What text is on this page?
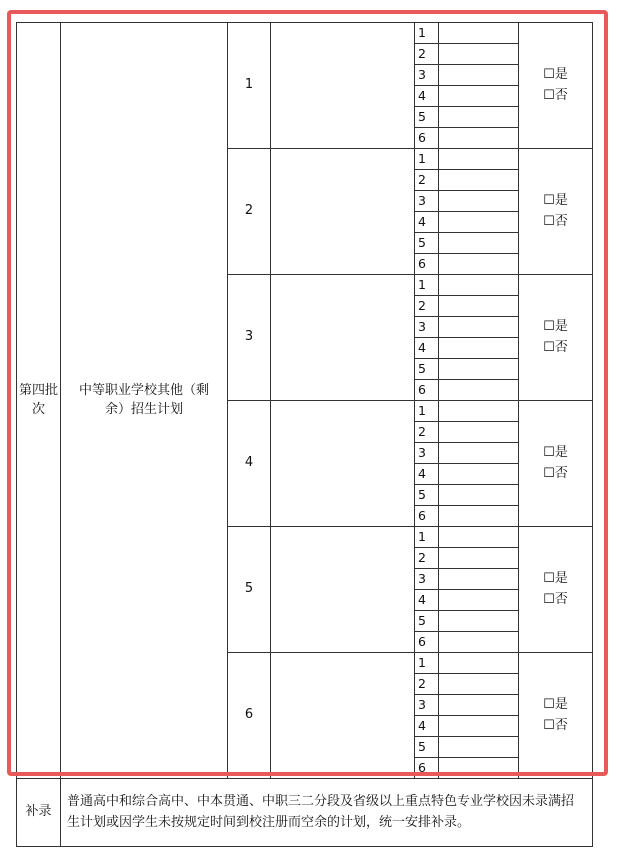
第四批次	中等职业学校其他（剩余）招生计划	1		1		☐是
☐否

				2		
				3		
				4		
				5		
				6		
		2		1		☐是
☐否

				2		
				3		
				4		
				5		
				6		
		3		1		☐是
☐否

				2		
				3		
				4		
				5		
				6		
		4		1		☐是
☐否

				2		
				3		
				4		
				5		
				6		
		5		1		☐是
☐否

				2		
				3		
				4		
				5		
				6		
		6		1		☐是
☐否

				2		
				3		
				4		
				5		
				6		
补录	普通高中和综合高中、中本贯通、中职三二分段及省级以上重点特色专业学校因未录满招生计划或因学生未按规定时间到校注册而空余的计划，统一安排补录。					
